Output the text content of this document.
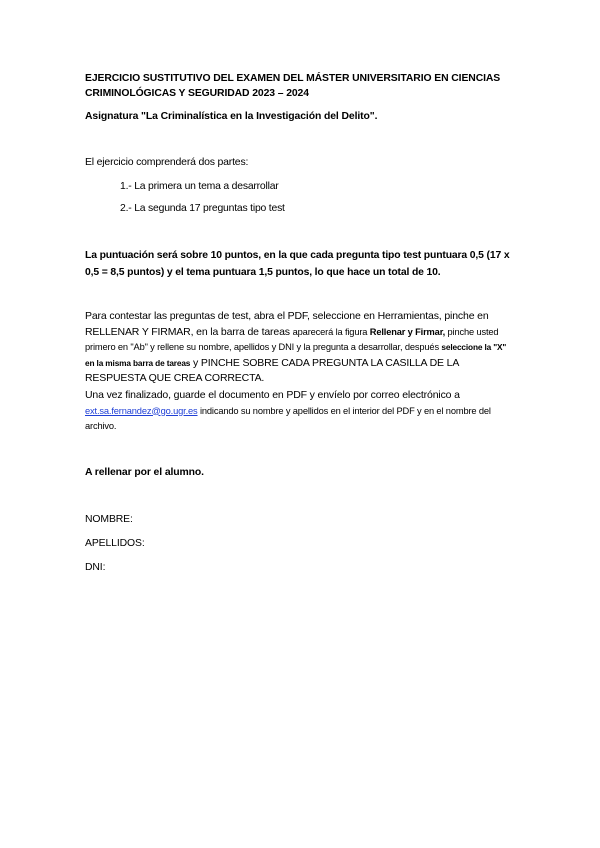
EJERCICIO SUSTITUTIVO DEL EXAMEN DEL MÁSTER UNIVERSITARIO EN CIENCIAS CRIMINOLÓGICAS Y SEGURIDAD 2023 – 2024

Asignatura "La Criminalística en la Investigación del Delito".

El ejercicio comprenderá dos partes:

1.- La primera un tema a desarrollar

2.- La segunda 17 preguntas tipo test

La puntuación será sobre 10 puntos, en la que cada pregunta tipo test puntuara 0,5 (17 x 0,5 = 8,5 puntos) y el tema puntuara 1,5 puntos, lo que hace un total de 10.

Para contestar las preguntas de test, abra el PDF, seleccione en Herramientas, pinche en RELLENAR Y FIRMAR, en la barra de tareas aparecerá la figura Rellenar y Firmar, pinche usted primero en "Ab" y rellene su nombre, apellidos y DNI y la pregunta a desarrollar, después seleccione la "X" en la misma barra de tareas y PINCHE SOBRE CADA PREGUNTA LA CASILLA DE LA RESPUESTA QUE CREA CORRECTA.

Una vez finalizado, guarde el documento en PDF y envíelo por correo electrónico a ext.sa.fernandez@go.ugr.es indicando su nombre y apellidos en el interior del PDF y en el nombre del archivo.

A rellenar por el alumno.

NOMBRE:

APELLIDOS:

DNI:
